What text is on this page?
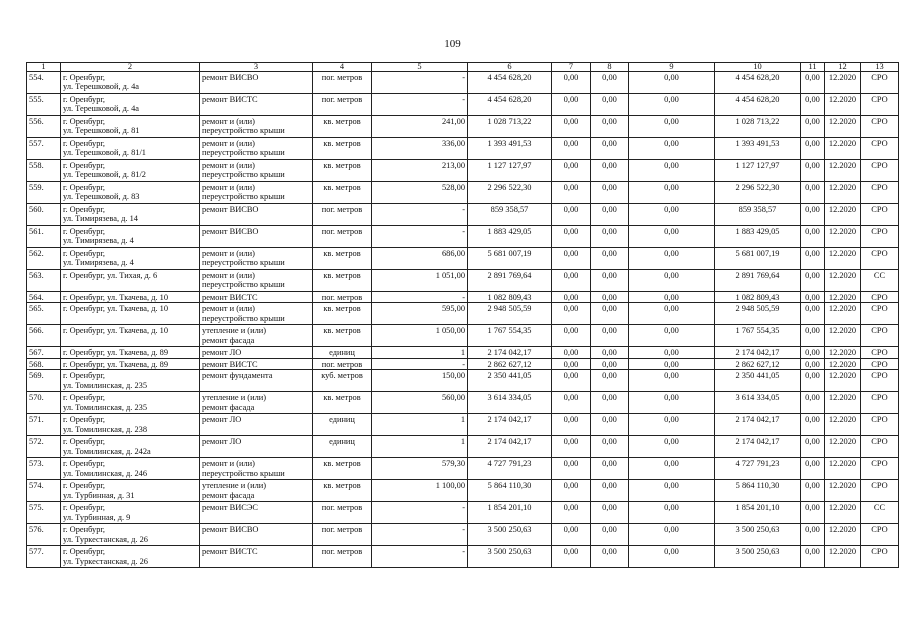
109
1	2	3	4	5	6	7	8	9	10	11	12	13
554.	г. Оренбург,
ул. Терешковой, д. 4а	ремонт ВИСВО	пог. метров	-	4 454 628,20	0,00	0,00	0,00	4 454 628,20	0,00	12.2020	СРО
555.	г. Оренбург,
ул. Терешковой, д. 4а	ремонт ВИСТС	пог. метров	-	4 454 628,20	0,00	0,00	0,00	4 454 628,20	0,00	12.2020	СРО
556.	г. Оренбург,
ул. Терешковой, д. 81	ремонт и (или)
переустройство крыши	кв. метров	241,00	1 028 713,22	0,00	0,00	0,00	1 028 713,22	0,00	12.2020	СРО
557.	г. Оренбург,
ул. Терешковой, д. 81/1	ремонт и (или)
переустройство крыши	кв. метров	336,00	1 393 491,53	0,00	0,00	0,00	1 393 491,53	0,00	12.2020	СРО
558.	г. Оренбург,
ул. Терешковой, д. 81/2	ремонт и (или)
переустройство крыши	кв. метров	213,00	1 127 127,97	0,00	0,00	0,00	1 127 127,97	0,00	12.2020	СРО
559.	г. Оренбург,
ул. Терешковой, д. 83	ремонт и (или)
переустройство крыши	кв. метров	528,00	2 296 522,30	0,00	0,00	0,00	2 296 522,30	0,00	12.2020	СРО
560.	г. Оренбург,
ул. Тимирязева, д. 14	ремонт ВИСВО	пог. метров	-	859 358,57	0,00	0,00	0,00	859 358,57	0,00	12.2020	СРО
561.	г. Оренбург,
ул. Тимирязева, д. 4	ремонт ВИСВО	пог. метров	-	1 883 429,05	0,00	0,00	0,00	1 883 429,05	0,00	12.2020	СРО
562.	г. Оренбург,
ул. Тимирязева, д. 4	ремонт и (или)
переустройство крыши	кв. метров	686,00	5 681 007,19	0,00	0,00	0,00	5 681 007,19	0,00	12.2020	СРО
563.	г. Оренбург, ул. Тихая, д. 6	ремонт и (или)
переустройство крыши	кв. метров	1 051,00	2 891 769,64	0,00	0,00	0,00	2 891 769,64	0,00	12.2020	СС
564.	г. Оренбург, ул. Ткачева, д. 10	ремонт ВИСТС	пог. метров	-	1 082 809,43	0,00	0,00	0,00	1 082 809,43	0,00	12.2020	СРО
565.	г. Оренбург, ул. Ткачева, д. 10	ремонт и (или)
переустройство крыши	кв. метров	595,00	2 948 505,59	0,00	0,00	0,00	2 948 505,59	0,00	12.2020	СРО
566.	г. Оренбург, ул. Ткачева, д. 10	утепление и (или)
ремонт фасада	кв. метров	1 050,00	1 767 554,35	0,00	0,00	0,00	1 767 554,35	0,00	12.2020	СРО
567.	г. Оренбург, ул. Ткачева, д. 89	ремонт ЛО	единиц	1	2 174 042,17	0,00	0,00	0,00	2 174 042,17	0,00	12.2020	СРО
568.	г. Оренбург, ул. Ткачева, д. 89	ремонт ВИСТС	пог. метров	-	2 862 627,12	0,00	0,00	0,00	2 862 627,12	0,00	12.2020	СРО
569.	г. Оренбург,
ул. Томилинская, д. 235	ремонт фундамента	куб. метров	150,00	2 350 441,05	0,00	0,00	0,00	2 350 441,05	0,00	12.2020	СРО
570.	г. Оренбург,
ул. Томилинская, д. 235	утепление и (или)
ремонт фасада	кв. метров	560,00	3 614 334,05	0,00	0,00	0,00	3 614 334,05	0,00	12.2020	СРО
571.	г. Оренбург,
ул. Томилинская, д. 238	ремонт ЛО	единиц	1	2 174 042,17	0,00	0,00	0,00	2 174 042,17	0,00	12.2020	СРО
572.	г. Оренбург,
ул. Томилинская, д. 242а	ремонт ЛО	единиц	1	2 174 042,17	0,00	0,00	0,00	2 174 042,17	0,00	12.2020	СРО
573.	г. Оренбург,
ул. Томилинская, д. 246	ремонт и (или)
переустройство крыши	кв. метров	579,30	4 727 791,23	0,00	0,00	0,00	4 727 791,23	0,00	12.2020	СРО
574.	г. Оренбург,
ул. Турбинная, д. 31	утепление и (или)
ремонт фасада	кв. метров	1 100,00	5 864 110,30	0,00	0,00	0,00	5 864 110,30	0,00	12.2020	СРО
575.	г. Оренбург,
ул. Турбинная, д. 9	ремонт ВИСЭС	пог. метров	-	1 854 201,10	0,00	0,00	0,00	1 854 201,10	0,00	12.2020	СС
576.	г. Оренбург,
ул. Туркестанская, д. 26	ремонт ВИСВО	пог. метров	-	3 500 250,63	0,00	0,00	0,00	3 500 250,63	0,00	12.2020	СРО
577.	г. Оренбург,
ул. Туркестанская, д. 26	ремонт ВИСТС	пог. метров	-	3 500 250,63	0,00	0,00	0,00	3 500 250,63	0,00	12.2020	СРО
